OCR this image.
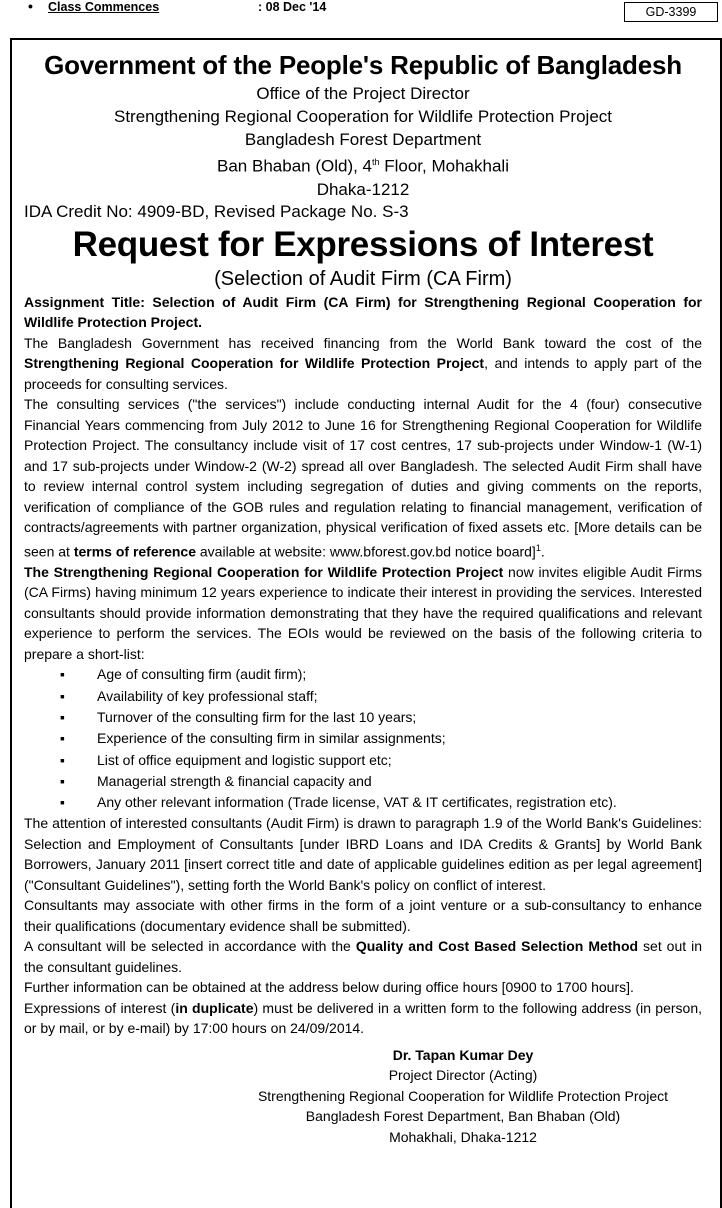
• Class Commences	: 08 Dec '14	GD-3399

Government of the People's Republic of Bangladesh

Office of the Project Director

Strengthening Regional Cooperation for Wildlife Protection Project

Bangladesh Forest Department

Ban Bhaban (Old), 4th Floor, Mohakhali

Dhaka-1212

IDA Credit No: 4909-BD, Revised Package No. S-3

Request for Expressions of Interest

(Selection of Audit Firm (CA Firm)

Assignment Title: Selection of Audit Firm (CA Firm) for Strengthening Regional Cooperation for Wildlife Protection Project.

The Bangladesh Government has received financing from the World Bank toward the cost of the Strengthening Regional Cooperation for Wildlife Protection Project, and intends to apply part of the proceeds for consulting services.

The consulting services ("the services") include conducting internal Audit for the 4 (four) consecutive Financial Years commencing from July 2012 to June 16 for Strengthening Regional Cooperation for Wildlife Protection Project. The consultancy include visit of 17 cost centres, 17 sub-projects under Window-1 (W-1) and 17 sub-projects under Window-2 (W-2) spread all over Bangladesh. The selected Audit Firm shall have to review internal control system including segregation of duties and giving comments on the reports, verification of compliance of the GOB rules and regulation relating to financial management, verification of contracts/agreements with partner organization, physical verification of fixed assets etc. [More details can be seen at terms of reference available at website: www.bforest.gov.bd notice board]$^1$.

The Strengthening Regional Cooperation for Wildlife Protection Project now invites eligible Audit Firms (CA Firms) having minimum 12 years experience to indicate their interest in providing the services. Interested consultants should provide information demonstrating that they have the required qualifications and relevant experience to perform the services. The EOIs would be reviewed on the basis of the following criteria to prepare a short-list:

▪ Age of consulting firm (audit firm);
▪ Availability of key professional staff;
▪ Turnover of the consulting firm for the last 10 years;
▪ Experience of the consulting firm in similar assignments;
▪ List of office equipment and logistic support etc;
▪ Managerial strength & financial capacity and
▪ Any other relevant information (Trade license, VAT & IT certificates, registration etc).

The attention of interested consultants (Audit Firm) is drawn to paragraph 1.9 of the World Bank's Guidelines: Selection and Employment of Consultants [under IBRD Loans and IDA Credits & Grants] by World Bank Borrowers, January 2011 [insert correct title and date of applicable guidelines edition as per legal agreement] ("Consultant Guidelines"), setting forth the World Bank's policy on conflict of interest.

Consultants may associate with other firms in the form of a joint venture or a sub-consultancy to enhance their qualifications (documentary evidence shall be submitted).

A consultant will be selected in accordance with the Quality and Cost Based Selection Method set out in the consultant guidelines.

Further information can be obtained at the address below during office hours [0900 to 1700 hours].

Expressions of interest (in duplicate) must be delivered in a written form to the following address (in person, or by mail, or by e-mail) by 17:00 hours on 24/09/2014.

Dr. Tapan Kumar Dey

Project Director (Acting)

Strengthening Regional Cooperation for Wildlife Protection Project

Bangladesh Forest Department, Ban Bhaban (Old)

Mohakhali, Dhaka-1212
